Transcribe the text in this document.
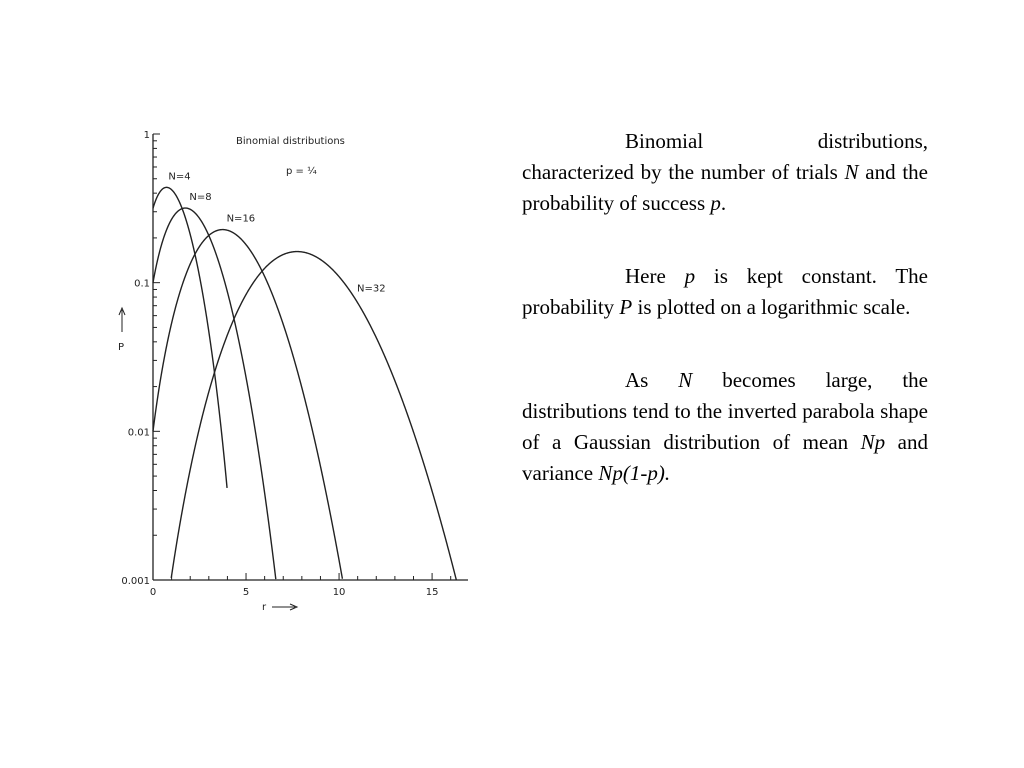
Binomial distributions
p = ¼
0.001
0.01
0.1
1
0	5	10	15
N=4
N=8
N=16
N=32
P
r

Binomial distributions, characterized by the number of trials N and the probability of success p.

Here p is kept constant. The probability P is plotted on a logarithmic scale.

As N becomes large, the distributions tend to the inverted parabola shape of a Gaussian distribution of mean Np and variance Np(1-p).
